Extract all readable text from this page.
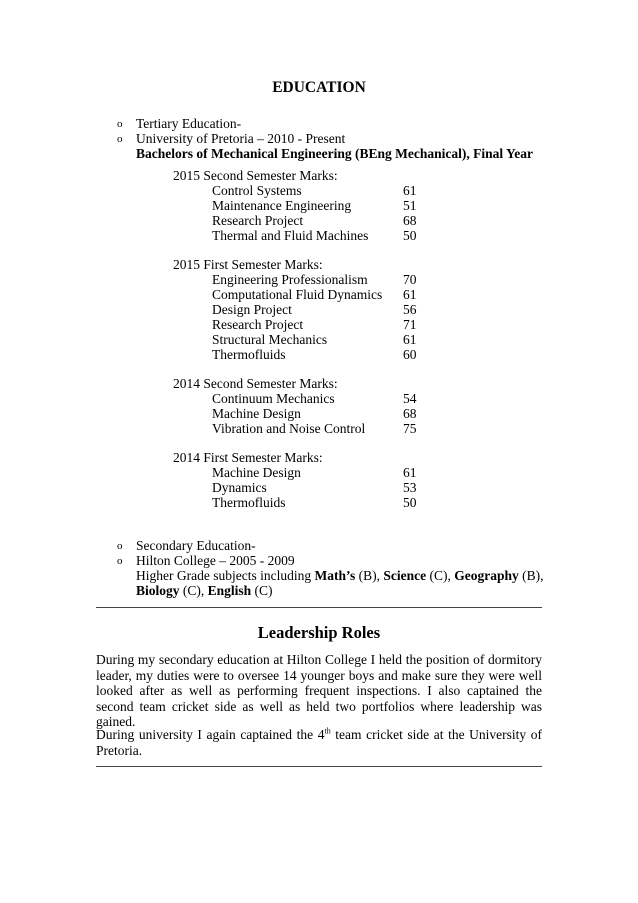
EDUCATION
o Tertiary Education-
o University of Pretoria – 2010 - Present
Bachelors of Mechanical Engineering (BEng Mechanical), Final Year
2015 Second Semester Marks:
Control Systems	61
Maintenance Engineering	51
Research Project	68
Thermal and Fluid Machines	50
2015 First Semester Marks:
Engineering Professionalism	70
Computational Fluid Dynamics 61
Design Project	56
Research Project	71
Structural Mechanics	61
Thermofluids	60
2014 Second Semester Marks:
Continuum Mechanics	54
Machine Design	68
Vibration and Noise Control	75
2014 First Semester Marks:
Machine Design	61
Dynamics	53
Thermofluids	50
o Secondary Education-
o Hilton College – 2005 - 2009
Higher Grade subjects including Math’s (B), Science (C), Geography (B),
Biology (C), English (C)
Leadership Roles
During my secondary education at Hilton College I held the position of dormitory leader, my duties were to oversee 14 younger boys and make sure they were well looked after as well as performing frequent inspections. I also captained the second team cricket side as well as held two portfolios where leadership was gained.
During university I again captained the 4th team cricket side at the University of Pretoria.
